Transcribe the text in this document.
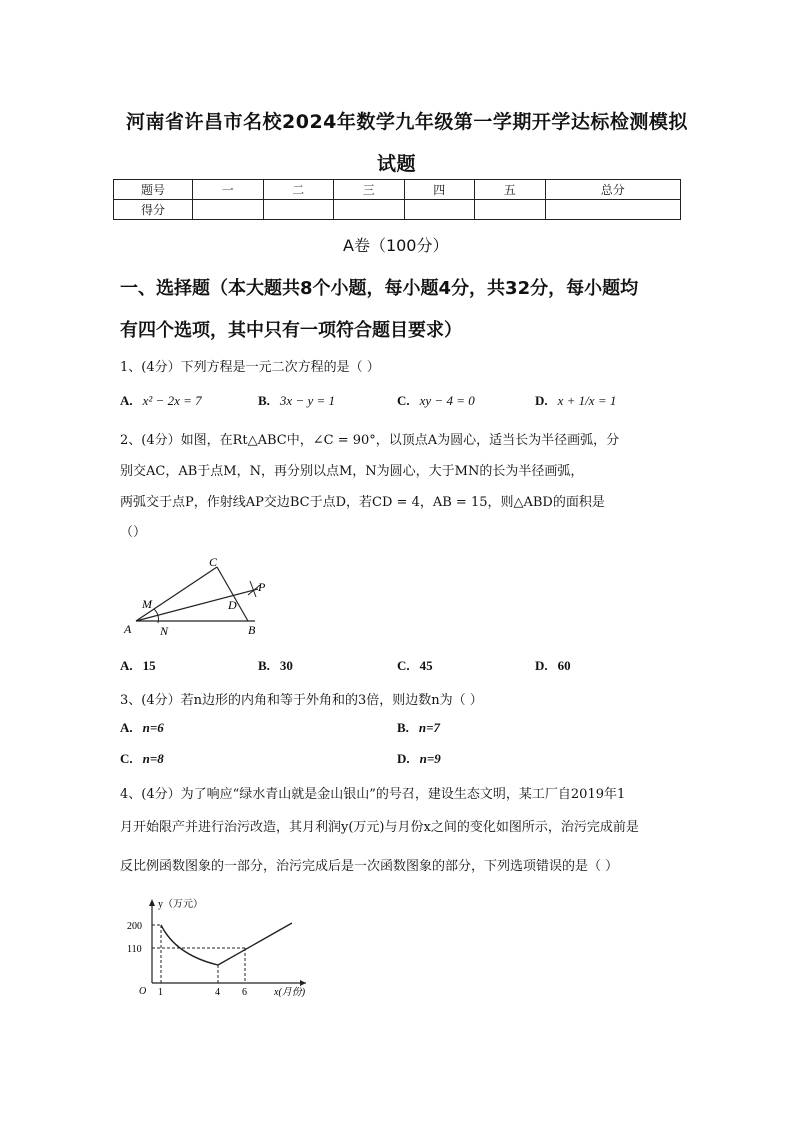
河南省许昌市名校2024年数学九年级第一学期开学达标检测模拟
试题
题号	一	二	三	四	五	总分
得分						
A卷（100分）
一、选择题（本大题共8个小题，每小题4分，共32分，每小题均
有四个选项，其中只有一项符合题目要求）
1、(4分）下列方程是一元二次方程的是（ ）
A. x² − 2x = 7	B. 3x − y = 1	C. xy − 4 = 0	D. x + 1/x = 1
2、(4分）如图，在Rt△ABC中，∠C = 90°，以顶点A为圆心，适当长为半径画弧，分
别交AC，AB于点M，N，再分别以点M，N为圆心，大于MN的长为半径画弧，
两弧交于点P，作射线AP交边BC于点D，若CD = 4，AB = 15，则△ABD的面积是
（）
A	B
C
D
M
N
P
A. 15	B. 30	C. 45	D. 60
3、(4分）若n边形的内角和等于外角和的3倍，则边数n为（ ）
A. n=6	B. n=7
C. n=8	D. n=9
4、(4分）为了响应“绿水青山就是金山银山”的号召，建设生态文明，某工厂自2019年1
月开始限产并进行治污改造，其月利润y(万元)与月份x之间的变化如图所示，治污完成前是
反比例函数图象的一部分，治污完成后是一次函数图象的部分，下列选项错误的是（ ）
y（万元）
x(月份)
O
200
110
1	4 6
